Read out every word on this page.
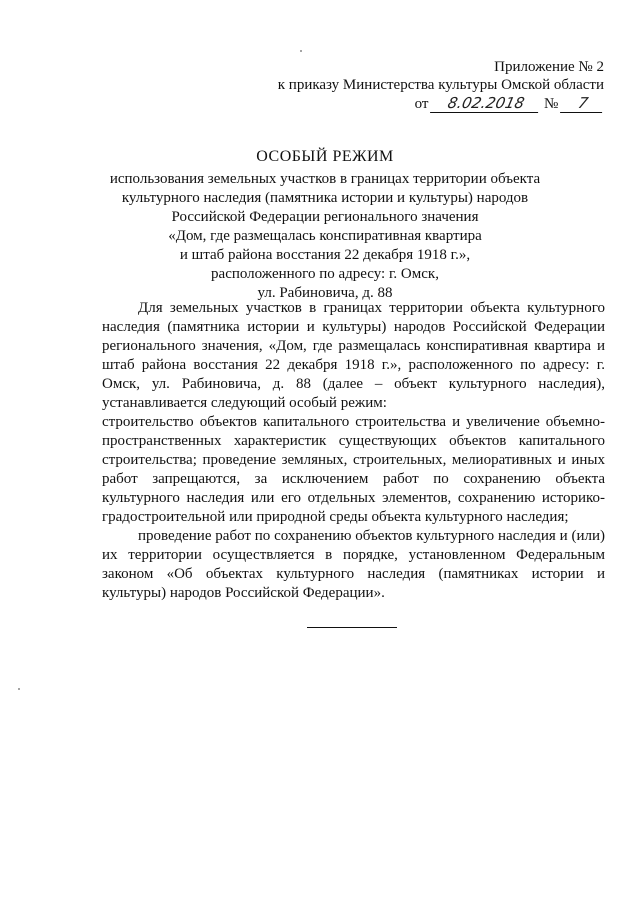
Приложение № 2
к приказу Министерства культуры Омской области
от 8.02.2018 № 7
ОСОБЫЙ РЕЖИМ
использования земельных участков в границах территории объекта
культурного наследия (памятника истории и культуры) народов
Российской Федерации регионального значения
«Дом, где размещалась конспиративная квартира
и штаб района восстания 22 декабря 1918 г.»,
расположенного по адресу: г. Омск,
ул. Рабиновича, д. 88

Для земельных участков в границах территории объекта культурного наследия (памятника истории и культуры) народов Российской Федерации регионального значения, «Дом, где размещалась конспиративная квартира и штаб района восстания 22 декабря 1918 г.», расположенного по адресу: г. Омск, ул. Рабиновича, д. 88 (далее – объект культурного наследия), устанавливается следующий особый режим:

строительство объектов капитального строительства и увеличение объемно-пространственных характеристик существующих объектов капитального строительства; проведение земляных, строительных, мелиоративных и иных работ запрещаются, за исключением работ по сохранению объекта культурного наследия или его отдельных элементов, сохранению историко-градостроительной или природной среды объекта культурного наследия;

проведение работ по сохранению объектов культурного наследия и (или) их территории осуществляется в порядке, установленном Федеральным законом «Об объектах культурного наследия (памятниках истории и культуры) народов Российской Федерации».
